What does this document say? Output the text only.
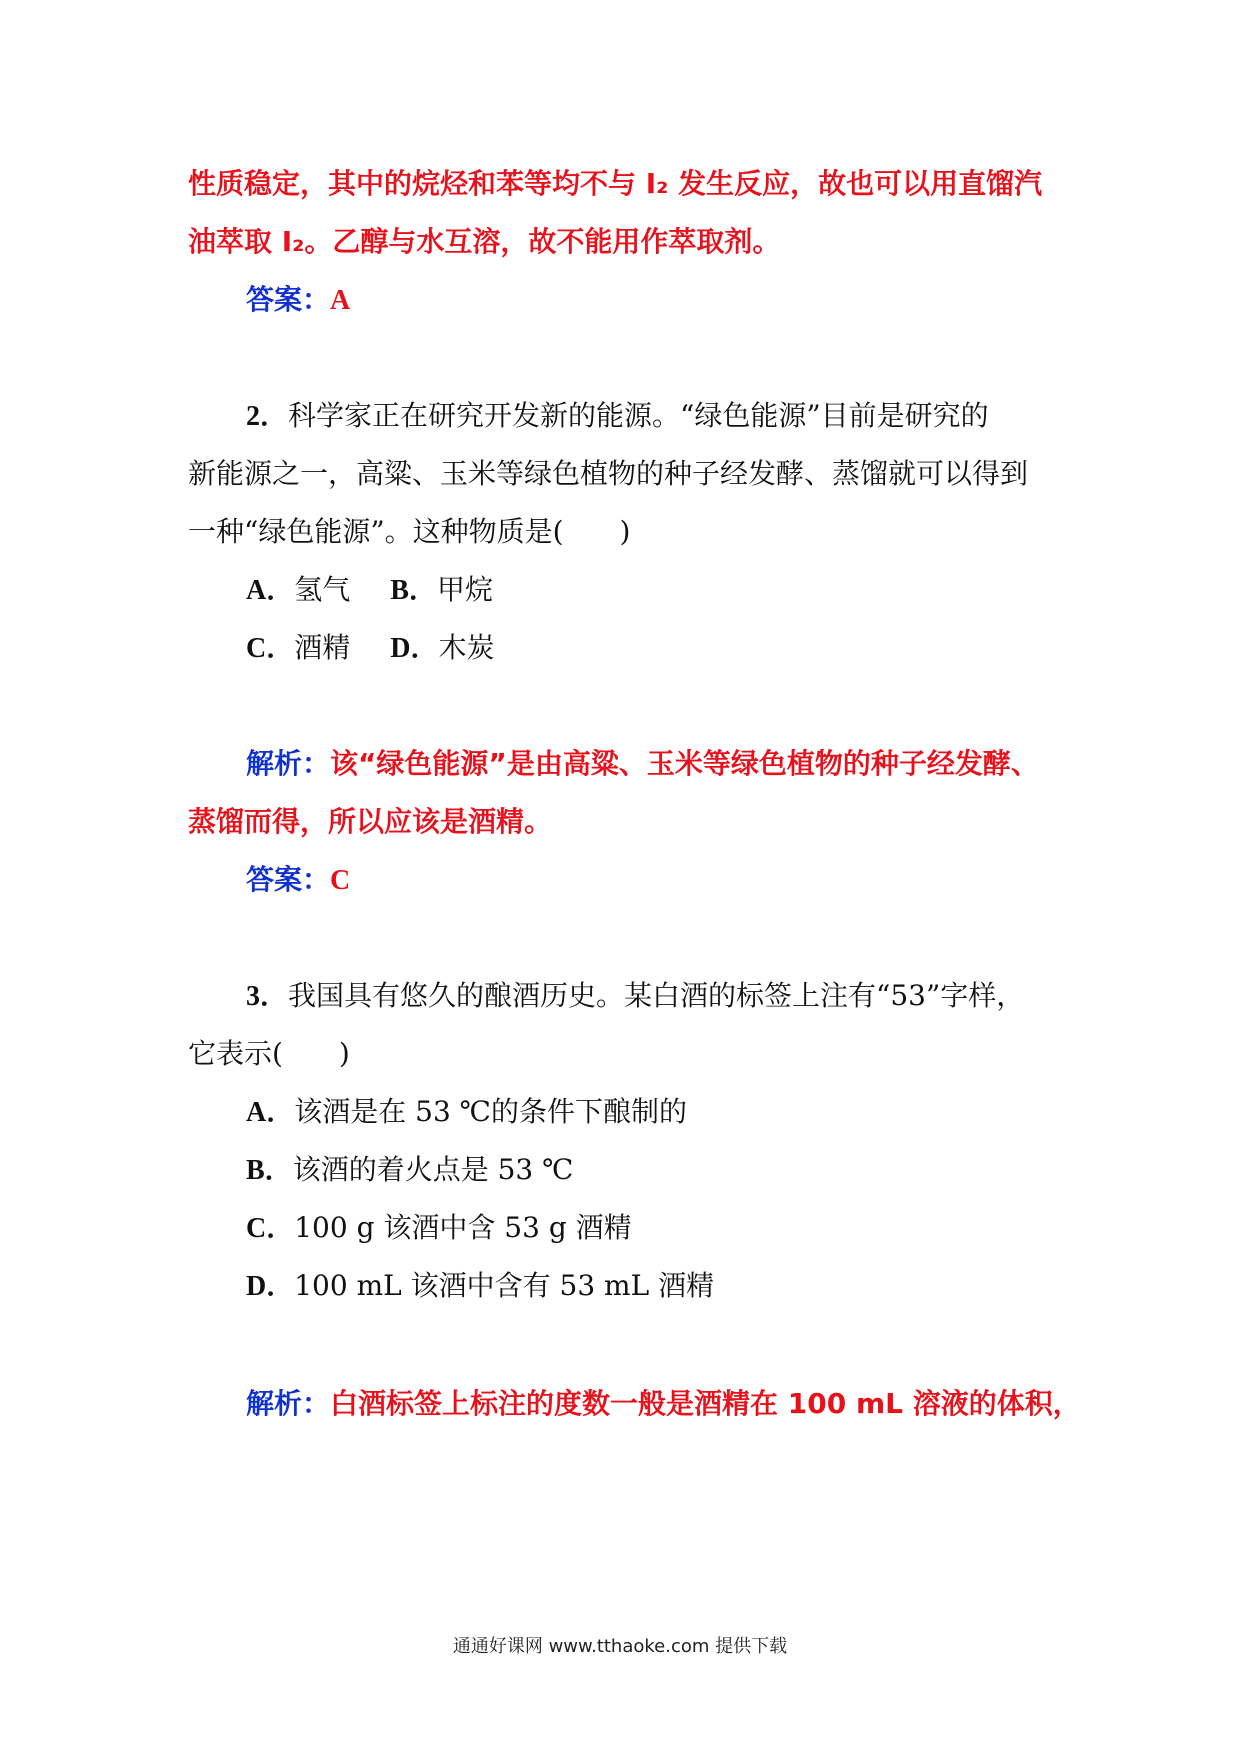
性质稳定，其中的烷烃和苯等均不与 I₂ 发生反应，故也可以用直馏汽
油萃取 I₂。乙醇与水互溶，故不能用作萃取剂。
答案：A
2．科学家正在研究开发新的能源。“绿色能源”目前是研究的
新能源之一，高粱、玉米等绿色植物的种子经发酵、蒸馏就可以得到
一种“绿色能源”。这种物质是(　　)
A．氢气 B．甲烷
C．酒精 D．木炭
解析：该“绿色能源”是由高粱、玉米等绿色植物的种子经发酵、
蒸馏而得，所以应该是酒精。
答案：C
3．我国具有悠久的酿酒历史。某白酒的标签上注有“53”字样，
它表示(　　)
A．该酒是在 53 ℃的条件下酿制的
B．该酒的着火点是 53 ℃
C．100 g 该酒中含 53 g 酒精
D．100 mL 该酒中含有 53 mL 酒精
解析：白酒标签上标注的度数一般是酒精在 100 mL 溶液的体积，
通通好课网 www.tthaoke.com 提供下载
